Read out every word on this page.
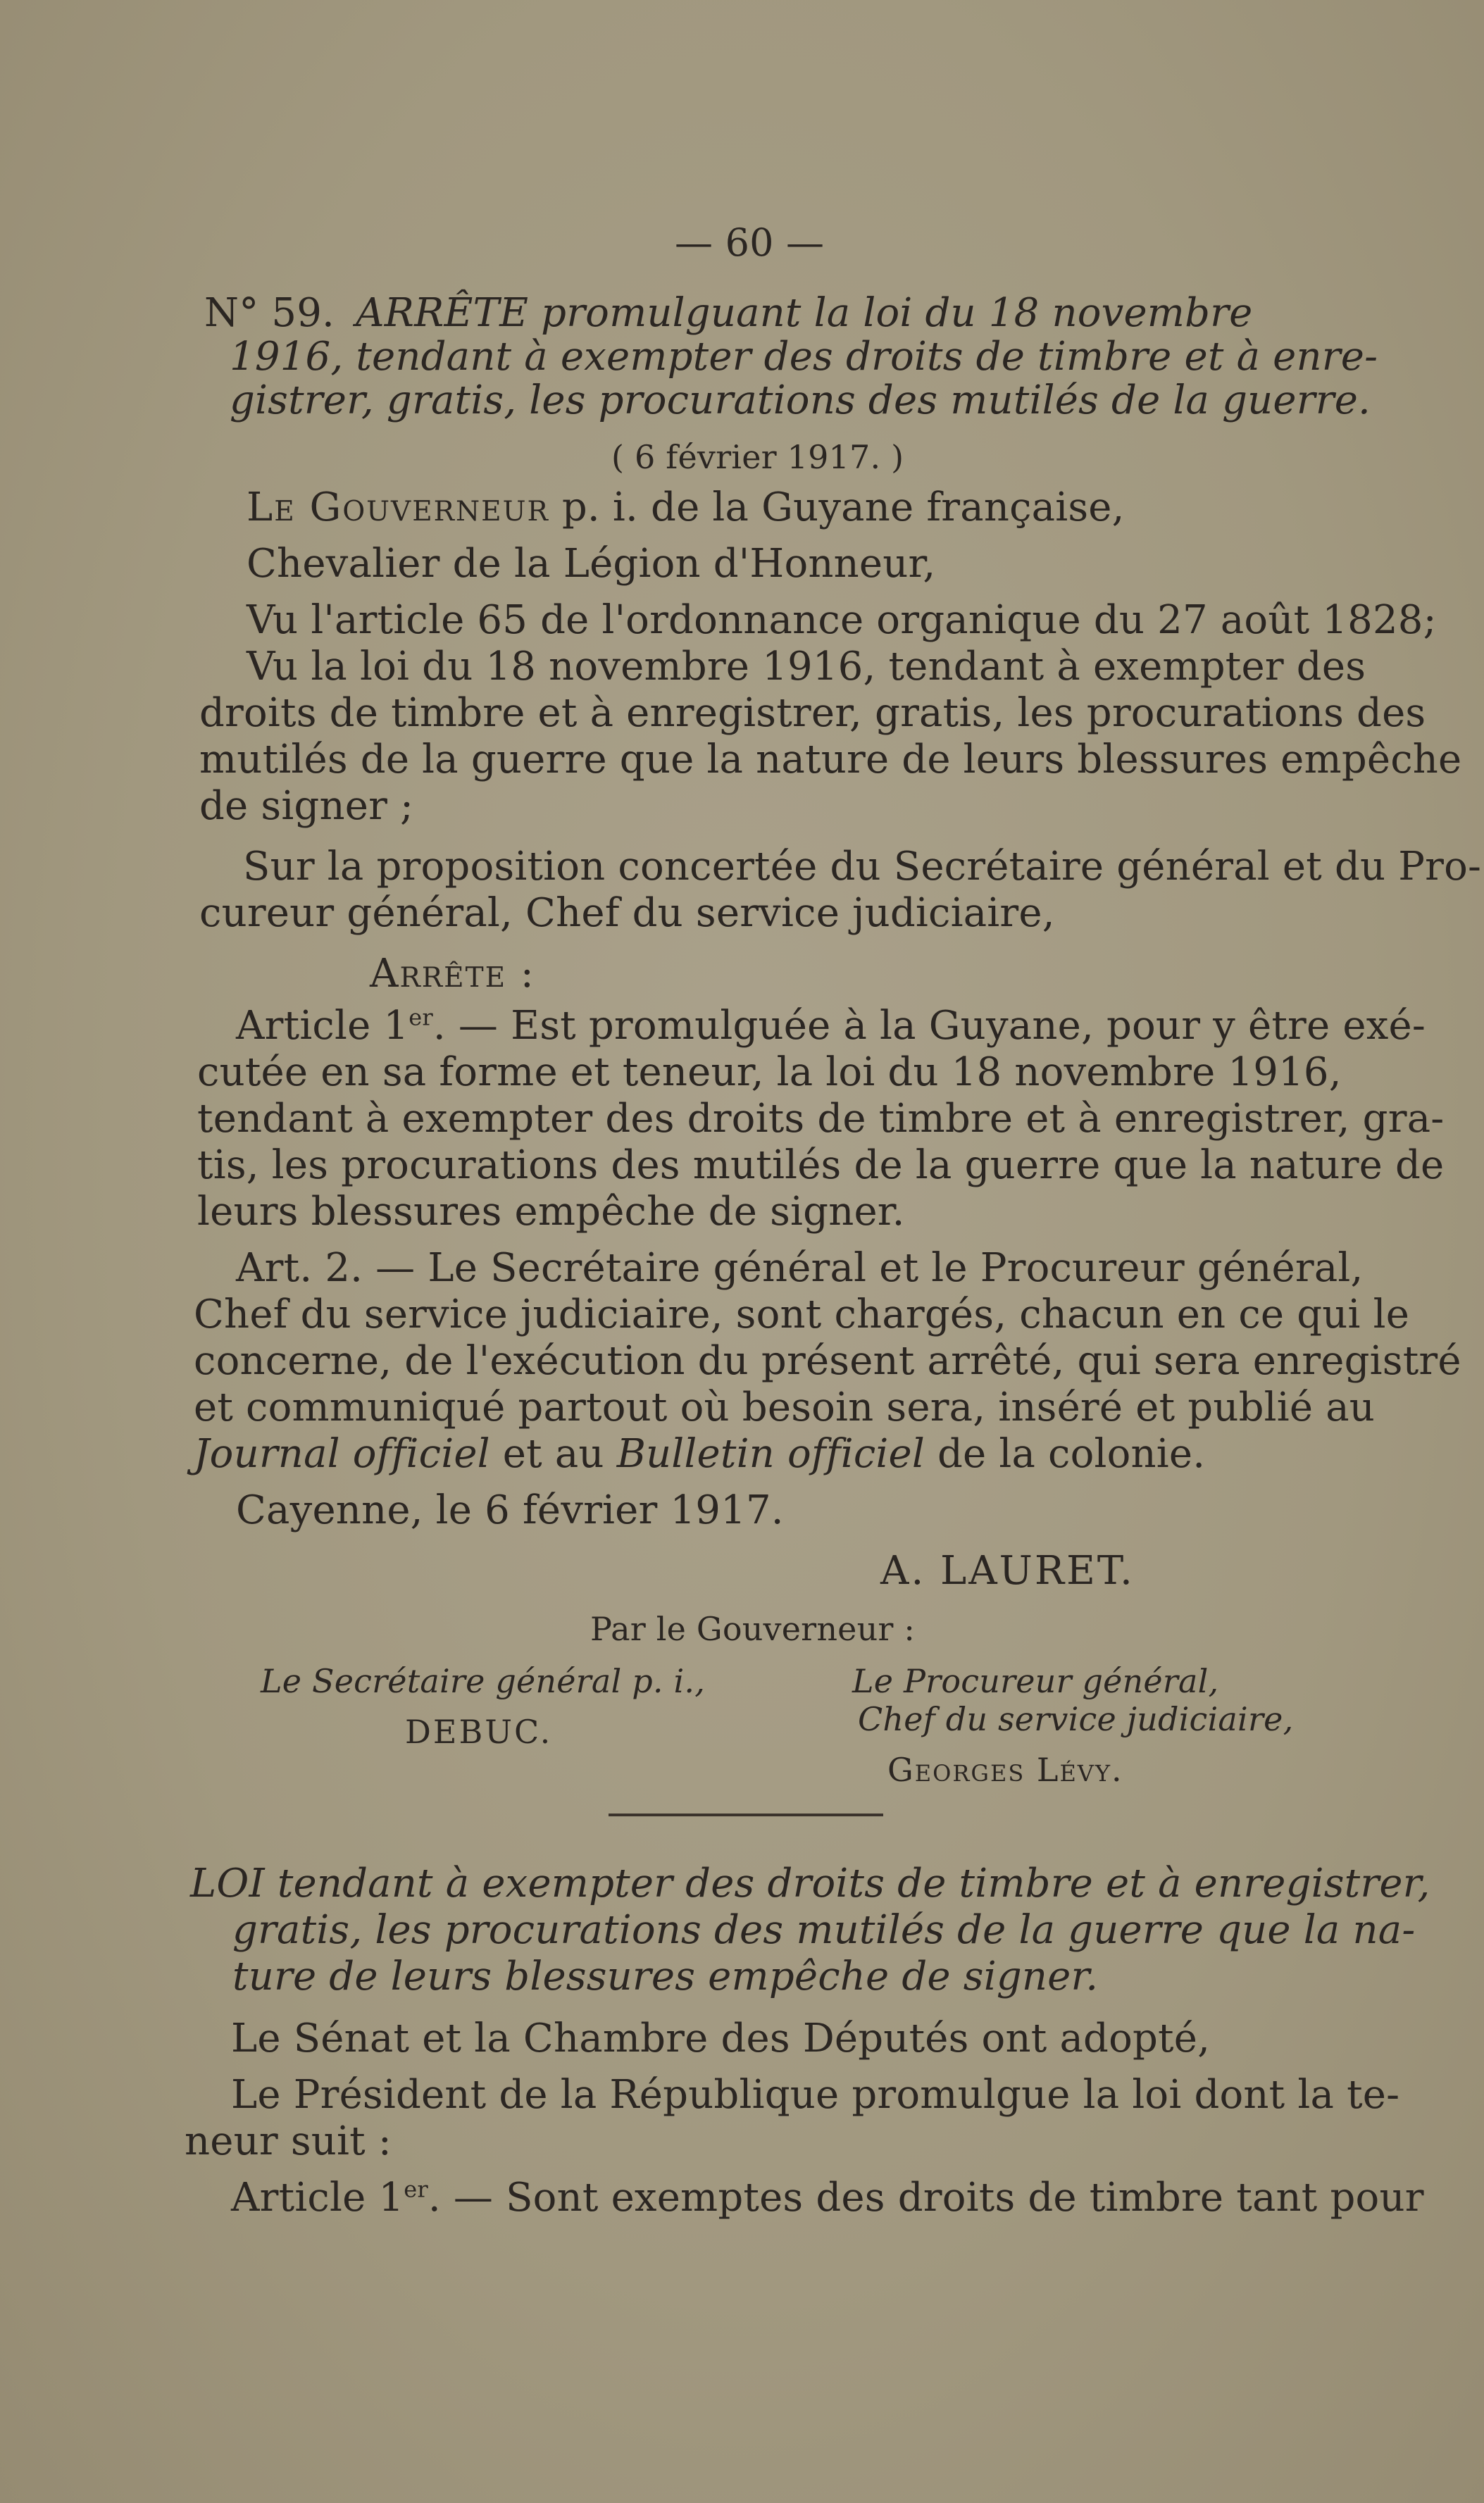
— 60 —
N° 59. ARRÊTE promulguant la loi du 18 novembre
1916, tendant à exempter des droits de timbre et à enre-
gistrer, gratis, les procurations des mutilés de la guerre.
( 6 février 1917. )
Le Gouverneur p. i. de la Guyane française,
Chevalier de la Légion d'Honneur,
Vu l'article 65 de l'ordonnance organique du 27 août 1828;
Vu la loi du 18 novembre 1916, tendant à exempter des
droits de timbre et à enregistrer, gratis, les procurations des
mutilés de la guerre que la nature de leurs blessures empêche
de signer ;
Sur la proposition concertée du Secrétaire général et du Pro-
cureur général, Chef du service judiciaire,
Arrête :
Article 1er. — Est promulguée à la Guyane, pour y être exé-
cutée en sa forme et teneur, la loi du 18 novembre 1916,
tendant à exempter des droits de timbre et à enregistrer, gra-
tis, les procurations des mutilés de la guerre que la nature de
leurs blessures empêche de signer.
Art. 2. — Le Secrétaire général et le Procureur général,
Chef du service judiciaire, sont chargés, chacun en ce qui le
concerne, de l'exécution du présent arrêté, qui sera enregistré
et communiqué partout où besoin sera, inséré et publié au
Journal officiel et au Bulletin officiel de la colonie.
Cayenne, le 6 février 1917.
A. LAURET.
Par le Gouverneur :
Le Secrétaire général p. i.,
DEBUC.
Le Procureur général,
Chef du service judiciaire,
Georges Lévy.
LOI tendant à exempter des droits de timbre et à enregistrer,
gratis, les procurations des mutilés de la guerre que la na-
ture de leurs blessures empêche de signer.
Le Sénat et la Chambre des Députés ont adopté,
Le Président de la République promulgue la loi dont la te-
neur suit :
Article 1er. — Sont exemptes des droits de timbre tant pour
